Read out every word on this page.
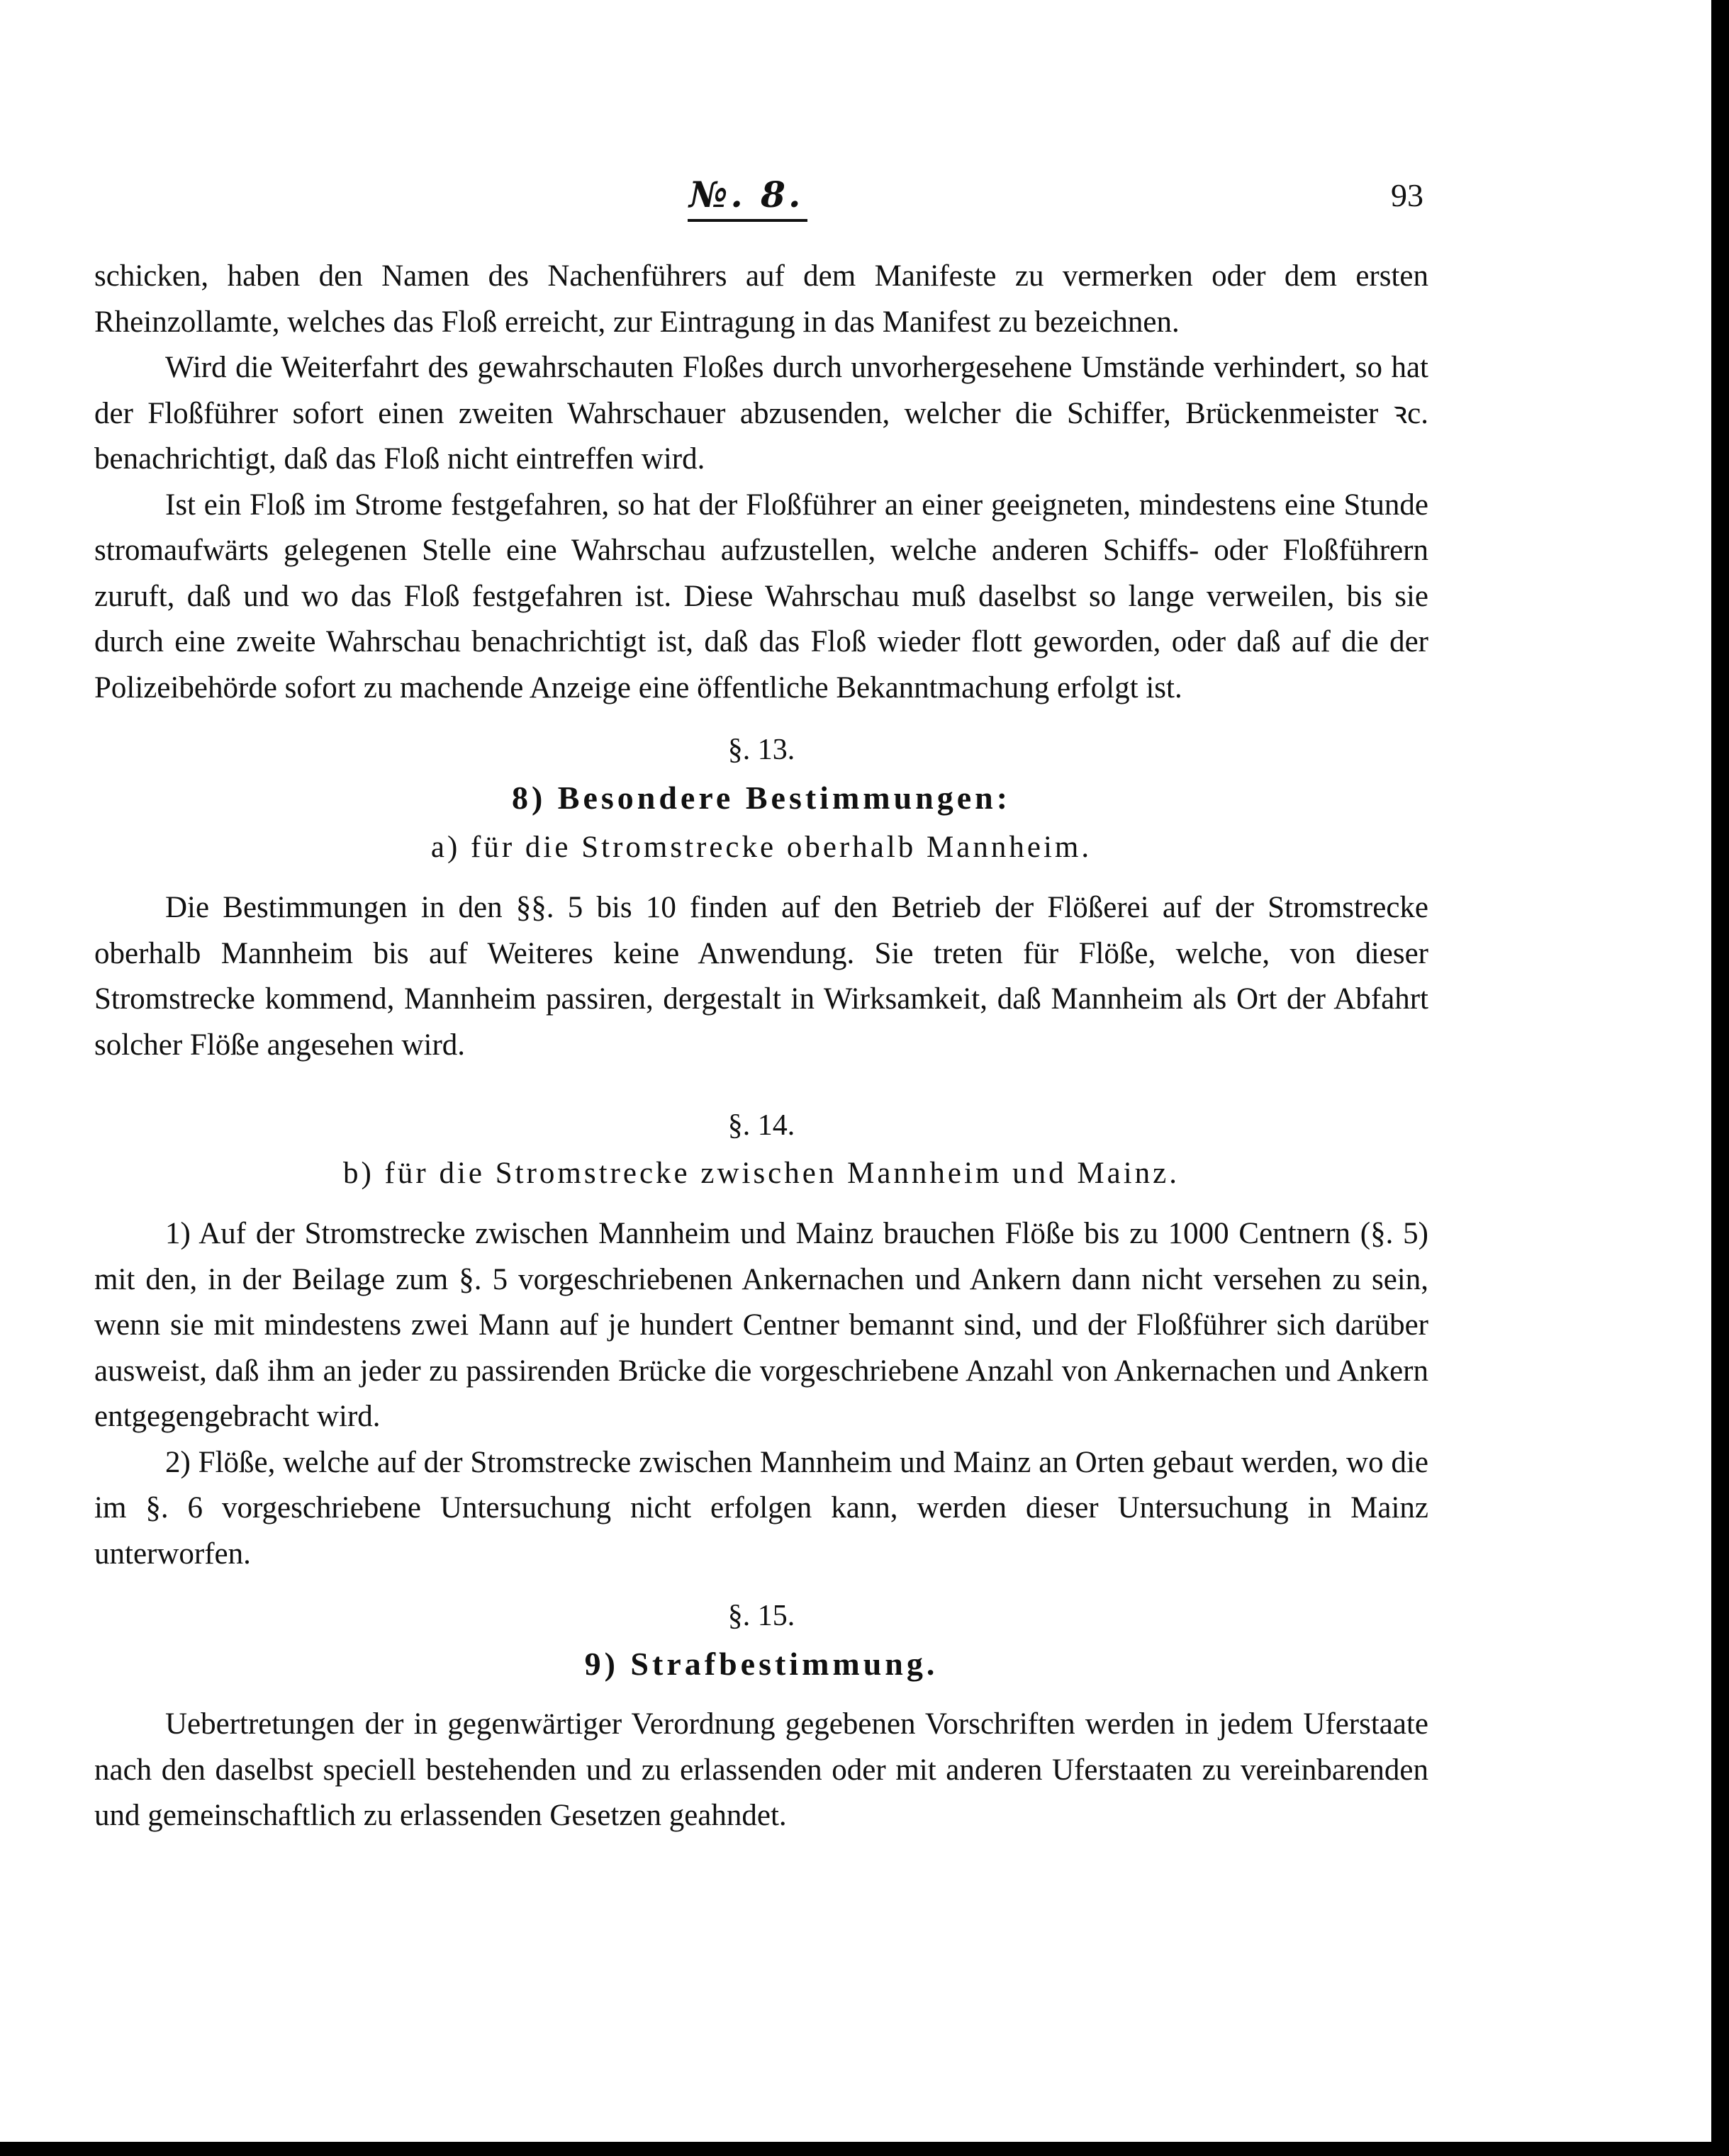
№. 8.	93

schicken, haben den Namen des Nachenführers auf dem Manifeste zu vermerken oder dem ersten Rheinzollamte, welches das Floß erreicht, zur Eintragung in das Manifest zu bezeichnen.

Wird die Weiterfahrt des gewahrschauten Floßes durch unvorhergesehene Umstände verhindert, so hat der Floßführer sofort einen zweiten Wahrschauer abzusenden, welcher die Schiffer, Brückenmeister ꝛc. benachrichtigt, daß das Floß nicht eintreffen wird.

Ist ein Floß im Strome festgefahren, so hat der Floßführer an einer geeigneten, mindestens eine Stunde stromaufwärts gelegenen Stelle eine Wahrschau aufzustellen, welche anderen Schiffs- oder Floßführern zuruft, daß und wo das Floß festgefahren ist. Diese Wahrschau muß daselbst so lange verweilen, bis sie durch eine zweite Wahrschau benachrichtigt ist, daß das Floß wieder flott geworden, oder daß auf die der Polizeibehörde sofort zu machende Anzeige eine öffentliche Bekanntmachung erfolgt ist.

§. 13.

8) Besondere Bestimmungen:

a) für die Stromstrecke oberhalb Mannheim.

Die Bestimmungen in den §§. 5 bis 10 finden auf den Betrieb der Flößerei auf der Stromstrecke oberhalb Mannheim bis auf Weiteres keine Anwendung. Sie treten für Flöße, welche, von dieser Stromstrecke kommend, Mannheim passiren, dergestalt in Wirksamkeit, daß Mannheim als Ort der Abfahrt solcher Flöße angesehen wird.

§. 14.

b) für die Stromstrecke zwischen Mannheim und Mainz.

1) Auf der Stromstrecke zwischen Mannheim und Mainz brauchen Flöße bis zu 1000 Centnern (§. 5) mit den, in der Beilage zum §. 5 vorgeschriebenen Ankernachen und Ankern dann nicht versehen zu sein, wenn sie mit mindestens zwei Mann auf je hundert Centner bemannt sind, und der Floßführer sich darüber ausweist, daß ihm an jeder zu passirenden Brücke die vorgeschriebene Anzahl von Ankernachen und Ankern entgegengebracht wird.

2) Flöße, welche auf der Stromstrecke zwischen Mannheim und Mainz an Orten gebaut werden, wo die im §. 6 vorgeschriebene Untersuchung nicht erfolgen kann, werden dieser Untersuchung in Mainz unterworfen.

§. 15.

9) Strafbestimmung.

Uebertretungen der in gegenwärtiger Verordnung gegebenen Vorschriften werden in jedem Uferstaate nach den daselbst speciell bestehenden und zu erlassenden oder mit anderen Uferstaaten zu vereinbarenden und gemeinschaftlich zu erlassenden Gesetzen geahndet.
